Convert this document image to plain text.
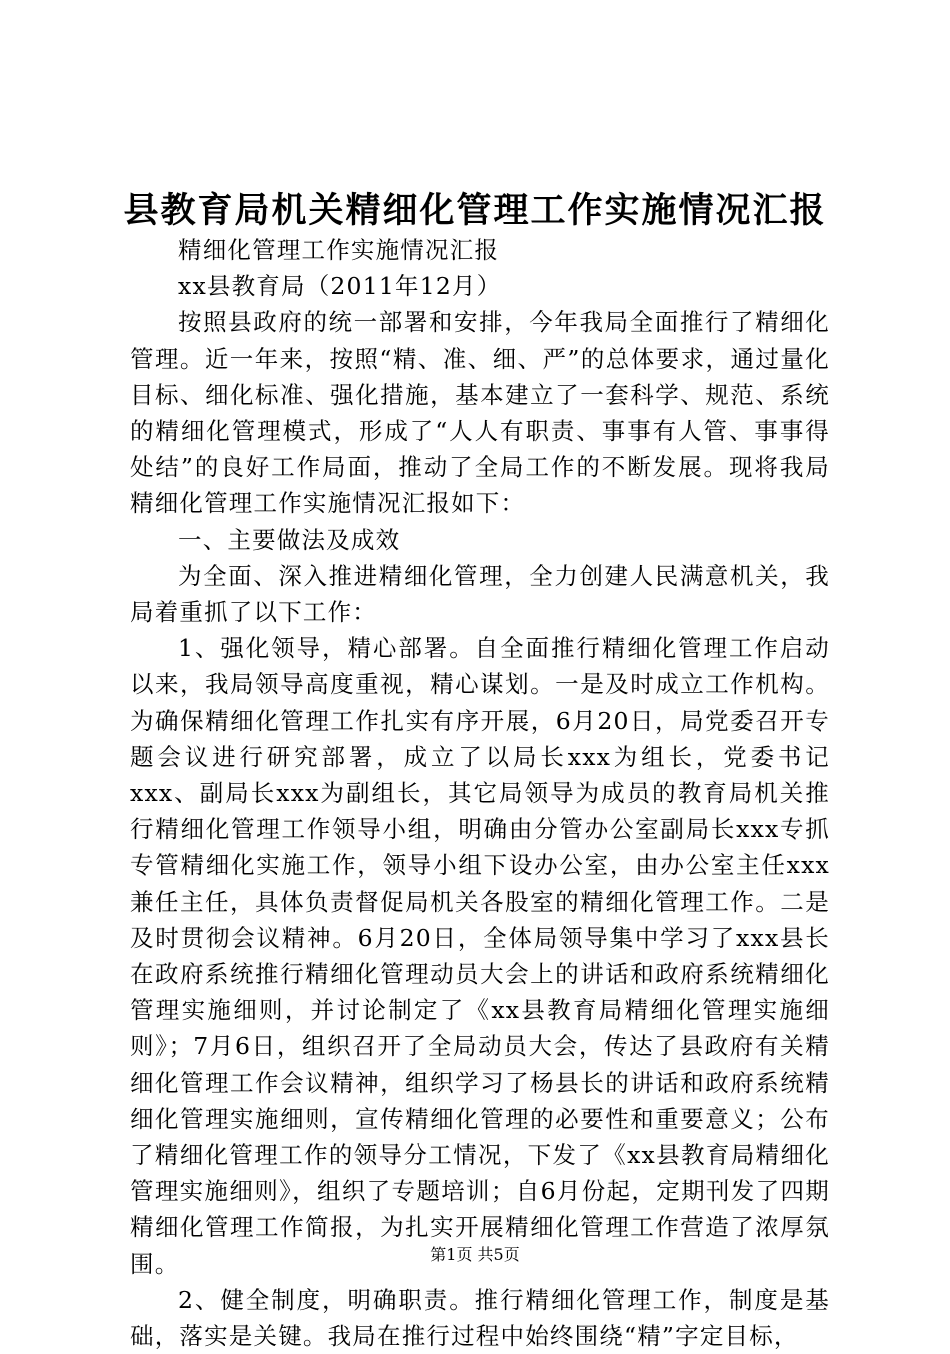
县教育局机关精细化管理工作实施情况汇报

精细化管理工作实施情况汇报

xx县教育局（2011年12月）

按照县政府的统一部署和安排，今年我局全面推行了精细化管理。近一年来，按照“精、准、细、严”的总体要求，通过量化目标、细化标准、强化措施，基本建立了一套科学、规范、系统的精细化管理模式，形成了“人人有职责、事事有人管、事事得处结”的良好工作局面，推动了全局工作的不断发展。现将我局精细化管理工作实施情况汇报如下：

一、主要做法及成效

为全面、深入推进精细化管理，全力创建人民满意机关，我局着重抓了以下工作：

1、强化领导，精心部署。自全面推行精细化管理工作启动以来，我局领导高度重视，精心谋划。一是及时成立工作机构。为确保精细化管理工作扎实有序开展，6月20日，局党委召开专题会议进行研究部署，成立了以局长xxx为组长，党委书记xxx、副局长xxx为副组长，其它局领导为成员的教育局机关推行精细化管理工作领导小组，明确由分管办公室副局长xxx专抓专管精细化实施工作，领导小组下设办公室，由办公室主任xxx兼任主任，具体负责督促局机关各股室的精细化管理工作。二是及时贯彻会议精神。6月20日，全体局领导集中学习了xxx县长在政府系统推行精细化管理动员大会上的讲话和政府系统精细化管理实施细则，并讨论制定了《xx县教育局精细化管理实施细则》；7月6日，组织召开了全局动员大会，传达了县政府有关精细化管理工作会议精神，组织学习了杨县长的讲话和政府系统精细化管理实施细则，宣传精细化管理的必要性和重要意义；公布了精细化管理工作的领导分工情况，下发了《xx县教育局精细化管理实施细则》，组织了专题培训；自6月份起，定期刊发了四期精细化管理工作简报，为扎实开展精细化管理工作营造了浓厚氛围。

2、健全制度，明确职责。推行精细化管理工作，制度是基础，落实是关键。我局在推行过程中始终围绕“精”字定目标，

第1页 共5页
